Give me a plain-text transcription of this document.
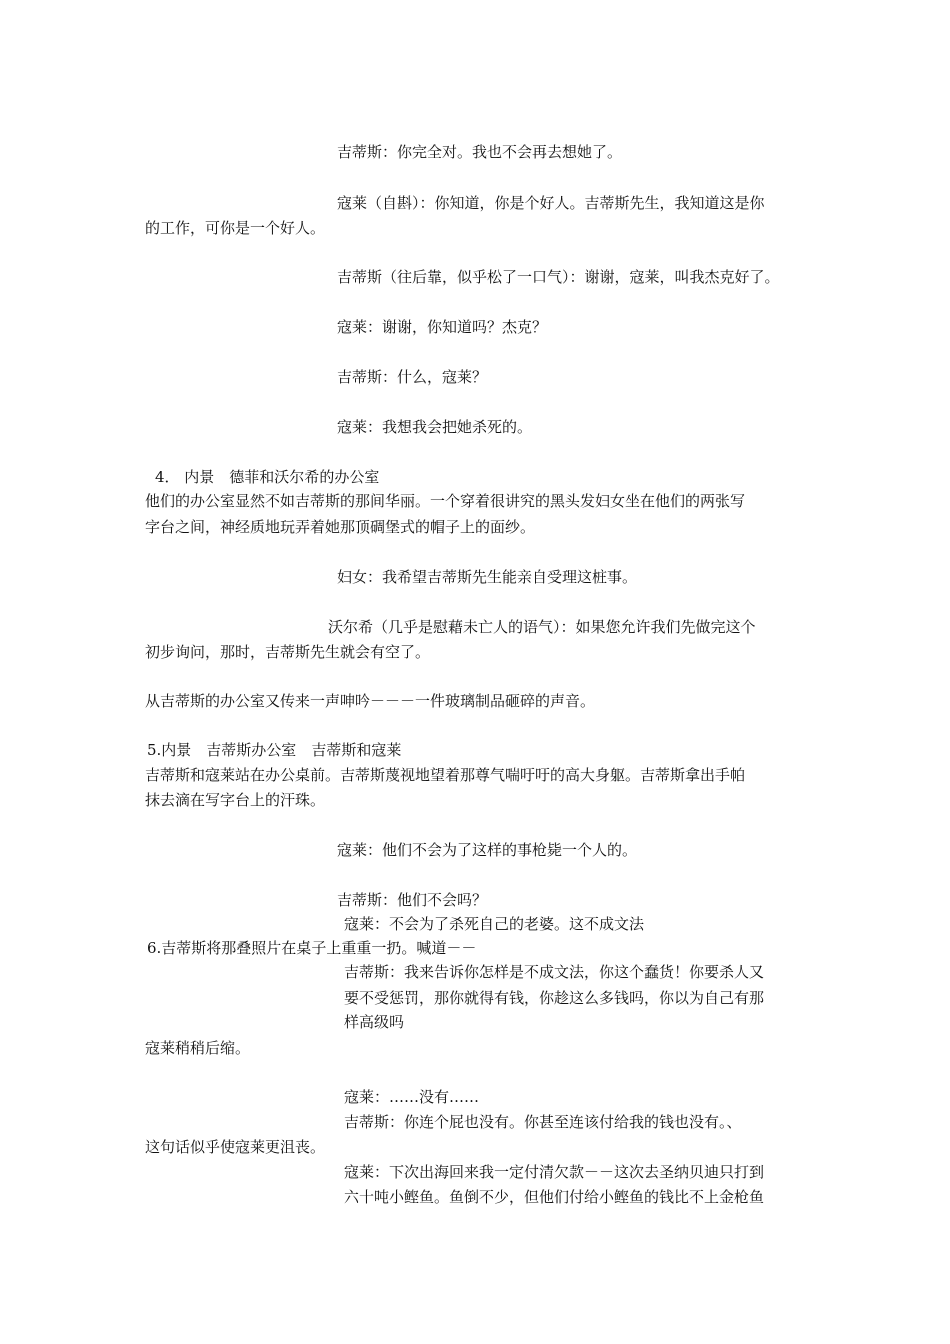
吉蒂斯：你完全对。我也不会再去想她了。
寇莱（自斟）：你知道，你是个好人。吉蒂斯先生，我知道这是你
的工作，可你是一个好人。
吉蒂斯（往后靠，似乎松了一口气）：谢谢，寇莱，叫我杰克好了。
寇莱：谢谢，你知道吗？杰克？
吉蒂斯：什么，寇莱？
寇莱：我想我会把她杀死的。
4． 内景　德菲和沃尔希的办公室
他们的办公室显然不如吉蒂斯的那间华丽。一个穿着很讲究的黑头发妇女坐在他们的两张写
字台之间，神经质地玩弄着她那顶碉堡式的帽子上的面纱。
妇女：我希望吉蒂斯先生能亲自受理这桩事。
沃尔希（几乎是慰藉未亡人的语气）：如果您允许我们先做完这个
初步询问，那时，吉蒂斯先生就会有空了。
从吉蒂斯的办公室又传来一声呻吟－－－一件玻璃制品砸碎的声音。
5.内景　吉蒂斯办公室　吉蒂斯和寇莱
吉蒂斯和寇莱站在办公桌前。吉蒂斯蔑视地望着那尊气喘吁吁的高大身躯。吉蒂斯拿出手帕
抹去滴在写字台上的汗珠。
寇莱：他们不会为了这样的事枪毙一个人的。
吉蒂斯：他们不会吗？
寇莱：不会为了杀死自己的老婆。这不成文法
6.吉蒂斯将那叠照片在桌子上重重一扔。喊道－－
吉蒂斯：我来告诉你怎样是不成文法，你这个蠢货！你要杀人又
要不受惩罚，那你就得有钱，你趁这么多钱吗，你以为自己有那
样高级吗
寇莱稍稍后缩。
寇莱：……没有……
吉蒂斯：你连个屁也没有。你甚至连该付给我的钱也没有。、
这句话似乎使寇莱更沮丧。
寇莱：下次出海回来我一定付清欠款－－这次去圣纳贝迪只打到
六十吨小鲣鱼。鱼倒不少，但他们付给小鲣鱼的钱比不上金枪鱼
